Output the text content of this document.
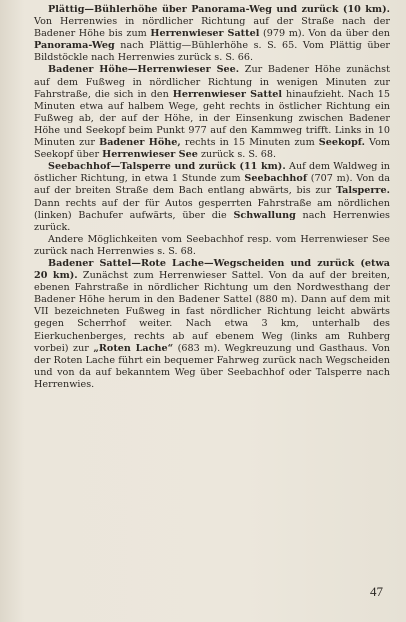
Plättig—Bühlerhöhe über Panorama-Weg und zurück (10 km). Von Herrenwies in nördlicher Richtung auf der Straße nach der Badener Höhe bis zum Herrenwieser Sattel (979 m). Von da über den Panorama-Weg nach Plättig—Bühlerhöhe s. S. 65. Vom Plättig über Bildstöckle nach Herrenwies zurück s. S. 66.

Badener Höhe—Herrenwieser See. Zur Badener Höhe zunächst auf dem Fußweg in nördlicher Richtung in wenigen Minuten zur Fahrstraße, die sich in den Herrenwieser Sattel hinaufzieht. Nach 15 Minuten etwa auf halbem Wege, geht rechts in östlicher Richtung ein Fußweg ab, der auf der Höhe, in der Einsenkung zwischen Badener Höhe und Seekopf beim Punkt 977 auf den Kammweg trifft. Links in 10 Minuten zur Badener Höhe, rechts in 15 Minuten zum Seekopf. Vom Seekopf über Herrenwieser See zurück s. S. 68.

Seebachhof—Talsperre und zurück (11 km). Auf dem Waldweg in östlicher Richtung, in etwa 1 Stunde zum Seebachhof (707 m). Von da auf der breiten Straße dem Bach entlang abwärts, bis zur Talsperre. Dann rechts auf der für Autos gesperrten Fahrstraße am nördlichen (linken) Bachufer aufwärts, über die Schwallung nach Herrenwies zurück.

Andere Möglichkeiten vom Seebachhof resp. vom Herrenwieser See zurück nach Herrenwies s. S. 68.

Badener Sattel—Rote Lache—Wegscheiden und zurück (etwa 20 km). Zunächst zum Herrenwieser Sattel. Von da auf der breiten, ebenen Fahrstraße in nördlicher Richtung um den Nordwesthang der Badener Höhe herum in den Badener Sattel (880 m). Dann auf dem mit VII bezeichneten Fußweg in fast nördlicher Richtung leicht abwärts gegen Scherrhof weiter. Nach etwa 3 km, unterhalb des Eierkuchenberges, rechts ab auf ebenem Weg (links am Ruhberg vorbei) zur „Roten Lache“ (683 m). Wegkreuzung und Gasthaus. Von der Roten Lache führt ein bequemer Fahrweg zurück nach Wegscheiden und von da auf bekanntem Weg über Seebachhof oder Talsperre nach Herrenwies.

47
